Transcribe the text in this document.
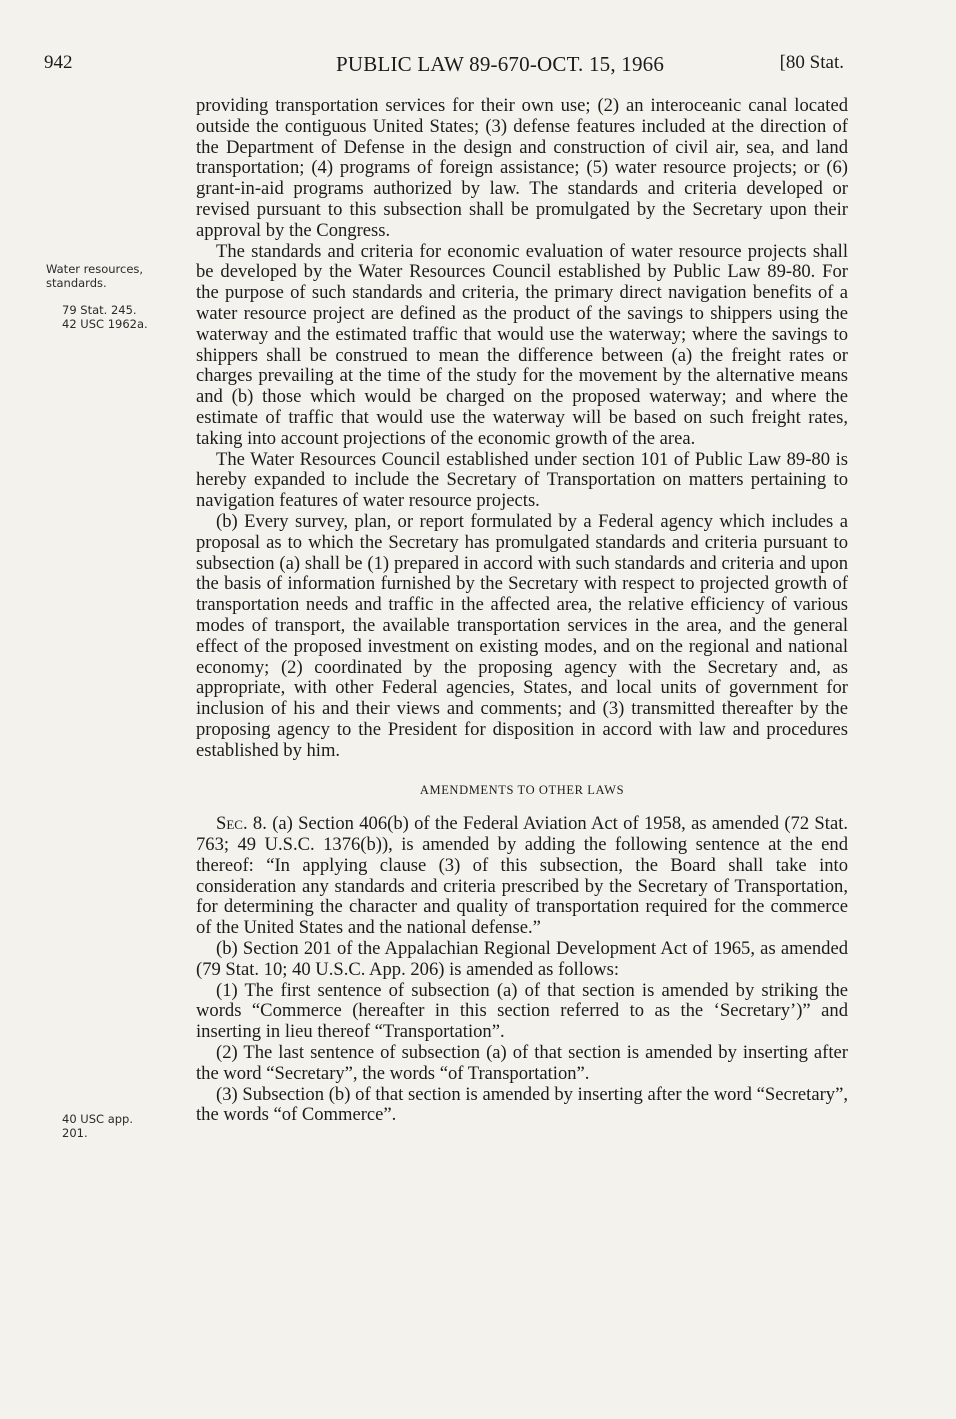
942	PUBLIC LAW 89-670-OCT. 15, 1966	[80 Stat.
Water resources,
standards.
79 Stat. 245.
42 USC 1962a.
40 USC app.
201.

providing transportation services for their own use; (2) an interoceanic canal located outside the contiguous United States; (3) defense features included at the direction of the Department of Defense in the design and construction of civil air, sea, and land transportation; (4) programs of foreign assistance; (5) water resource projects; or (6) grant-in-aid programs authorized by law. The standards and criteria developed or revised pursuant to this subsection shall be promulgated by the Secretary upon their approval by the Congress.

The standards and criteria for economic evaluation of water resource projects shall be developed by the Water Resources Council established by Public Law 89-80. For the purpose of such standards and criteria, the primary direct navigation benefits of a water resource project are defined as the product of the savings to shippers using the waterway and the estimated traffic that would use the waterway; where the savings to shippers shall be construed to mean the difference between (a) the freight rates or charges prevailing at the time of the study for the movement by the alternative means and (b) those which would be charged on the proposed waterway; and where the estimate of traffic that would use the waterway will be based on such freight rates, taking into account projections of the economic growth of the area.

The Water Resources Council established under section 101 of Public Law 89-80 is hereby expanded to include the Secretary of Transportation on matters pertaining to navigation features of water resource projects.

(b) Every survey, plan, or report formulated by a Federal agency which includes a proposal as to which the Secretary has promulgated standards and criteria pursuant to subsection (a) shall be (1) prepared in accord with such standards and criteria and upon the basis of information furnished by the Secretary with respect to projected growth of transportation needs and traffic in the affected area, the relative efficiency of various modes of transport, the available transportation services in the area, and the general effect of the proposed investment on existing modes, and on the regional and national economy; (2) coordinated by the proposing agency with the Secretary and, as appropriate, with other Federal agencies, States, and local units of government for inclusion of his and their views and comments; and (3) transmitted thereafter by the proposing agency to the President for disposition in accord with law and procedures established by him.

AMENDMENTS TO OTHER LAWS

Sec. 8. (a) Section 406(b) of the Federal Aviation Act of 1958, as amended (72 Stat. 763; 49 U.S.C. 1376(b)), is amended by adding the following sentence at the end thereof: “In applying clause (3) of this subsection, the Board shall take into consideration any standards and criteria prescribed by the Secretary of Transportation, for determining the character and quality of transportation required for the commerce of the United States and the national defense.”

(b) Section 201 of the Appalachian Regional Development Act of 1965, as amended (79 Stat. 10; 40 U.S.C. App. 206) is amended as follows:

(1) The first sentence of subsection (a) of that section is amended by striking the words “Commerce (hereafter in this section referred to as the ‘Secretary’)” and inserting in lieu thereof “Transportation”.

(2) The last sentence of subsection (a) of that section is amended by inserting after the word “Secretary”, the words “of Transportation”.

(3) Subsection (b) of that section is amended by inserting after the word “Secretary”, the words “of Commerce”.
